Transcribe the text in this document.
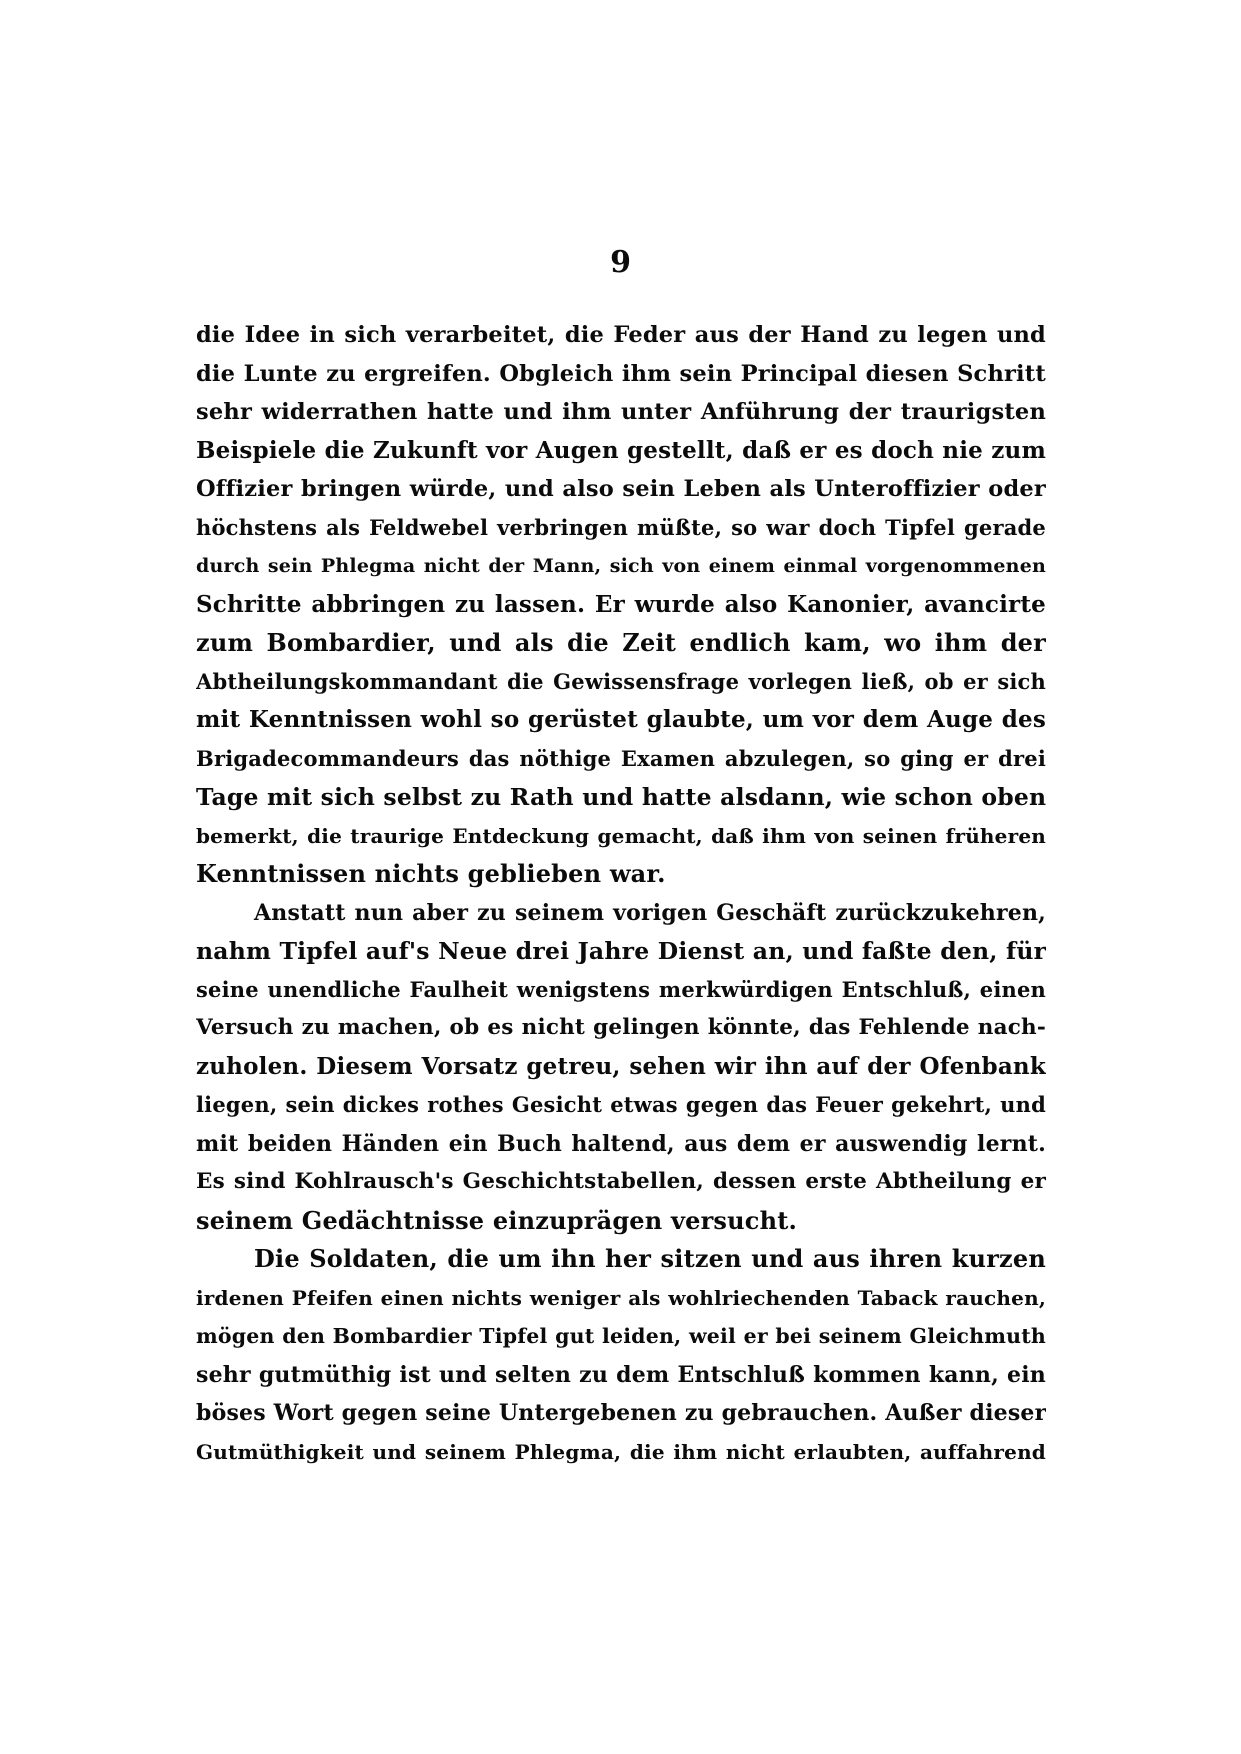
9
die Idee in sich verarbeitet, die Feder aus der Hand zu legen und
die Lunte zu ergreifen. Obgleich ihm sein Principal diesen Schritt
sehr widerrathen hatte und ihm unter Anführung der traurigsten
Beispiele die Zukunft vor Augen gestellt, daß er es doch nie zum
Offizier bringen würde, und also sein Leben als Unteroffizier oder
höchstens als Feldwebel verbringen müßte, so war doch Tipfel gerade
durch sein Phlegma nicht der Mann, sich von einem einmal vorgenommenen
Schritte abbringen zu lassen. Er wurde also Kanonier, avancirte
zum Bombardier, und als die Zeit endlich kam, wo ihm der
Abtheilungskommandant die Gewissensfrage vorlegen ließ, ob er sich
mit Kenntnissen wohl so gerüstet glaubte, um vor dem Auge des
Brigadecommandeurs das nöthige Examen abzulegen, so ging er drei
Tage mit sich selbst zu Rath und hatte alsdann, wie schon oben
bemerkt, die traurige Entdeckung gemacht, daß ihm von seinen früheren
Kenntnissen nichts geblieben war.
Anstatt nun aber zu seinem vorigen Geschäft zurückzukehren,
nahm Tipfel auf's Neue drei Jahre Dienst an, und faßte den, für
seine unendliche Faulheit wenigstens merkwürdigen Entschluß, einen
Versuch zu machen, ob es nicht gelingen könnte, das Fehlende nach-
zuholen. Diesem Vorsatz getreu, sehen wir ihn auf der Ofenbank
liegen, sein dickes rothes Gesicht etwas gegen das Feuer gekehrt, und
mit beiden Händen ein Buch haltend, aus dem er auswendig lernt.
Es sind Kohlrausch's Geschichtstabellen, dessen erste Abtheilung er
seinem Gedächtnisse einzuprägen versucht.
Die Soldaten, die um ihn her sitzen und aus ihren kurzen
irdenen Pfeifen einen nichts weniger als wohlriechenden Taback rauchen,
mögen den Bombardier Tipfel gut leiden, weil er bei seinem Gleichmuth
sehr gutmüthig ist und selten zu dem Entschluß kommen kann, ein
böses Wort gegen seine Untergebenen zu gebrauchen. Außer dieser
Gutmüthigkeit und seinem Phlegma, die ihm nicht erlaubten, auffahrend
